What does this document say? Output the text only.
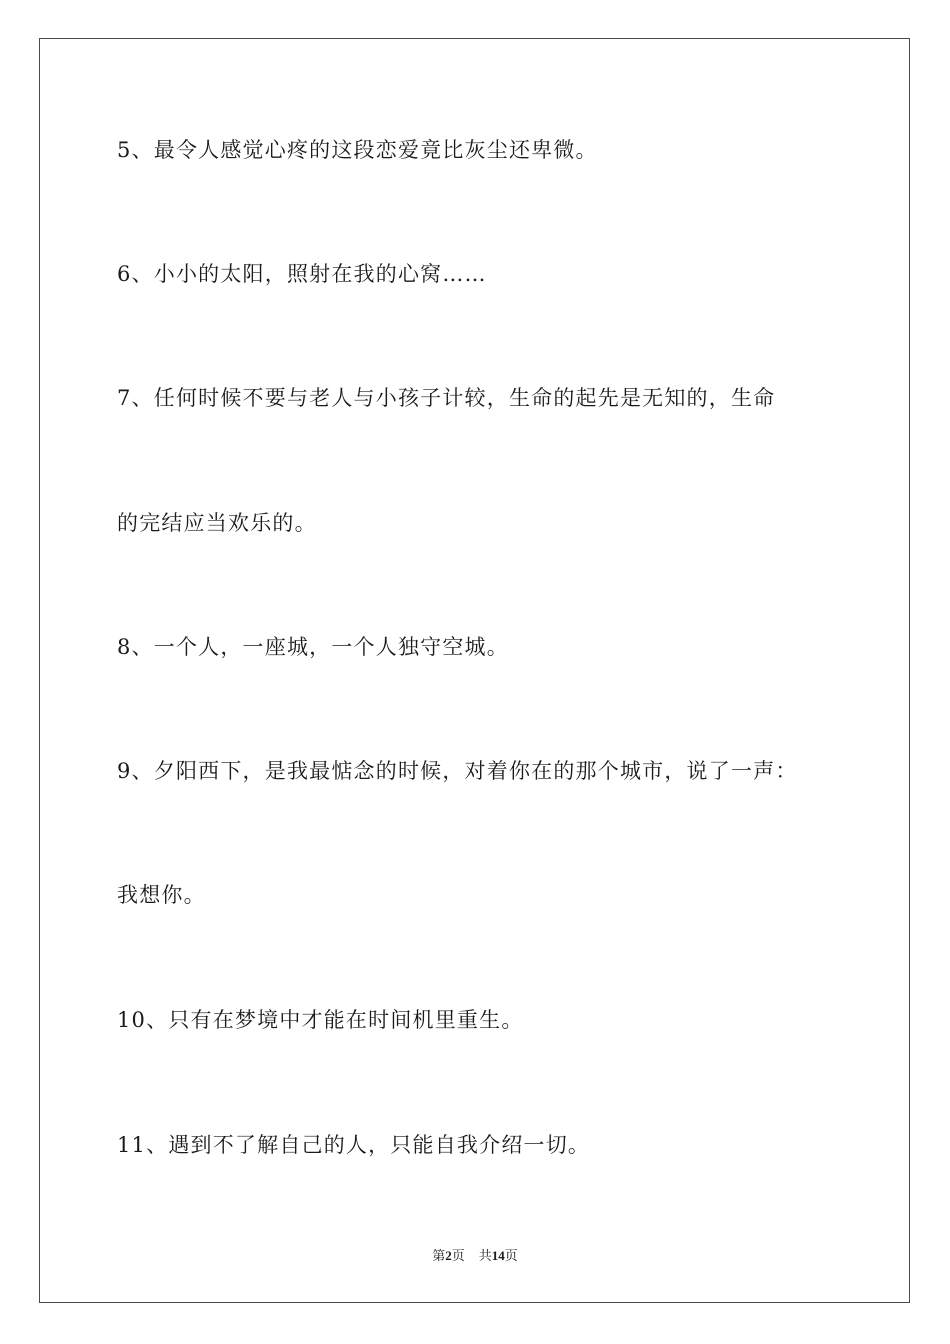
5、最令人感觉心疼的这段恋爱竟比灰尘还卑微。
6、小小的太阳，照射在我的心窝……
7、任何时候不要与老人与小孩子计较，生命的起先是无知的，生命
的完结应当欢乐的。
8、一个人，一座城，一个人独守空城。
9、夕阳西下，是我最惦念的时候，对着你在的那个城市，说了一声：
我想你。
10、只有在梦境中才能在时间机里重生。
11、遇到不了解自己的人，只能自我介绍一切。
第2页 共14页
